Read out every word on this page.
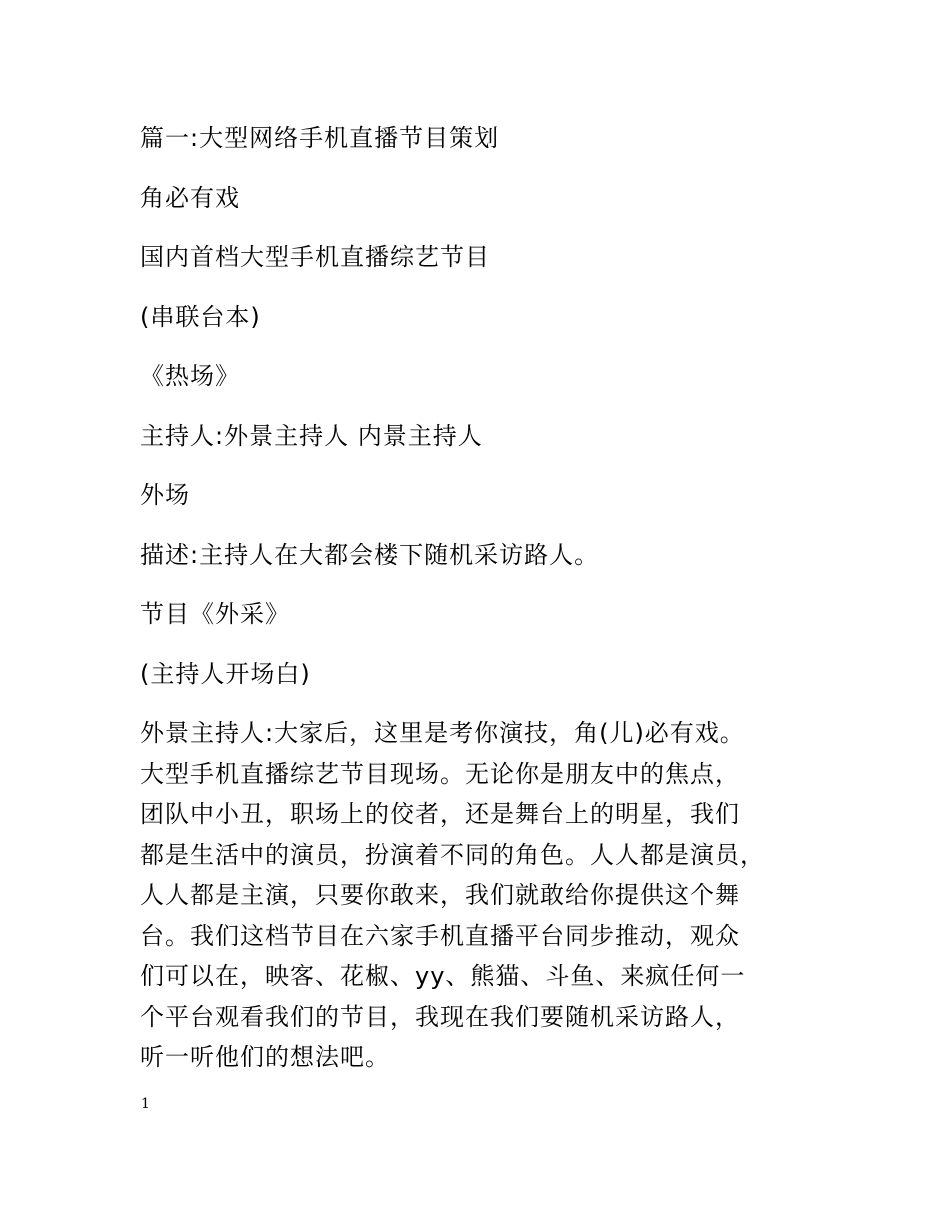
篇一:大型网络手机直播节目策划
角必有戏
国内首档大型手机直播综艺节目
(串联台本)
《热场》
主持人:外景主持人 内景主持人
外场
描述:主持人在大都会楼下随机采访路人。
节目《外采》
(主持人开场白)
外景主持人:大家后，这里是考你演技，角(儿)必有戏。
大型手机直播综艺节目现场。无论你是朋友中的焦点，
团队中小丑，职场上的佼者，还是舞台上的明星，我们
都是生活中的演员，扮演着不同的角色。人人都是演员，
人人都是主演，只要你敢来，我们就敢给你提供这个舞
台。我们这档节目在六家手机直播平台同步推动，观众
们可以在，映客、花椒、yy、熊猫、斗鱼、来疯任何一
个平台观看我们的节目，我现在我们要随机采访路人，
听一听他们的想法吧。
1
